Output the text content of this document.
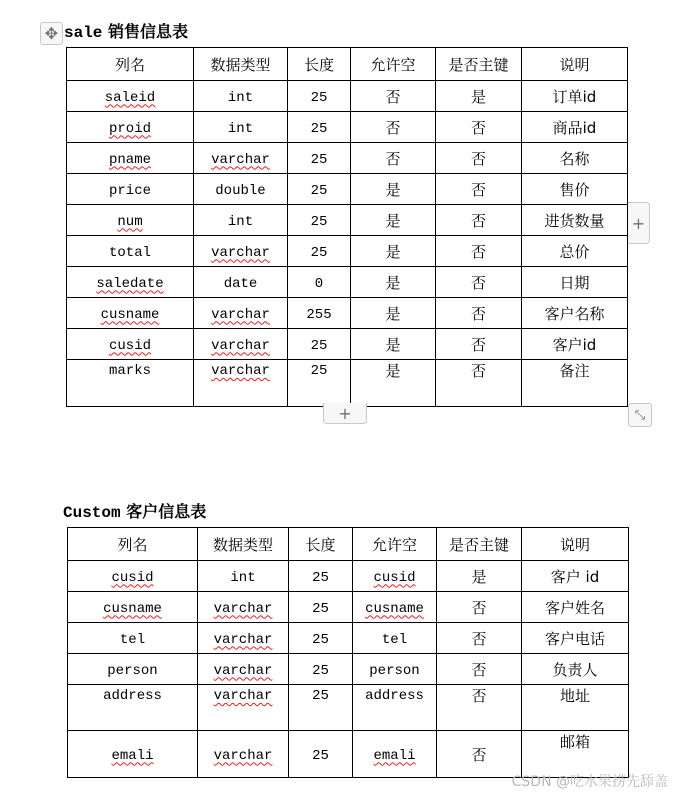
✥ sale 销售信息表
列名	数据类型	长度	允许空	是否主键	说明
saleid	int	25	否	是	订单id
proid	int	25	否	否	商品id
pname	varchar	25	否	否	名称
price	double	25	是	否	售价
num	int	25	是	否	进货数量
total	varchar	25	是	否	总价
saledate	date	0	是	否	日期
cusname	varchar	255	是	否	客户名称
cusid	varchar	25	是	否	客户id
marks	varchar	25	是	否	备注
+
+	⤡
Custom 客户信息表
列名	数据类型	长度	允许空	是否主键	说明
cusid	int	25	cusid	是	客户 id
cusname	varchar	25	cusname	否	客户姓名
tel	varchar	25	tel	否	客户电话
person	varchar	25	person	否	负责人
address	varchar	25	address	否	地址
emali	varchar	25	emali	否	邮箱
CSDN @吃水果捞先舔盖
